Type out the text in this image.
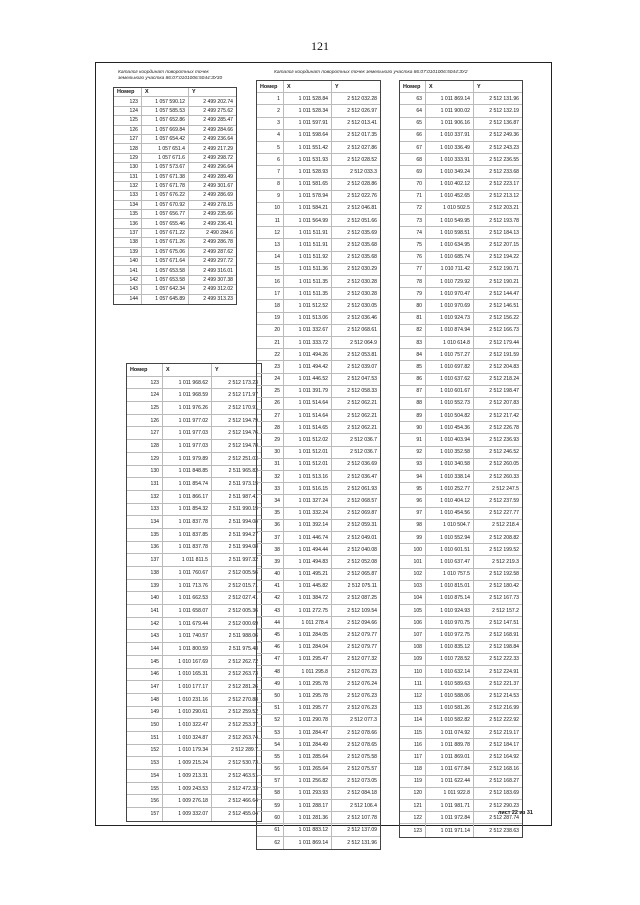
121
Каталог координат поворотных точек
земельного участка 86:07:0101006:5044:ЗУ30
Каталог координат поворотных точек земельного участка 86:07:0101006:5044:ЗУ2
Номер	X	Y
123	1 057 590.12	2 499 202.74
124	1 057 585.53	2 499 275.62
125	1 057 652.86	2 499 285.47
126	1 057 669.84	2 499 284.66
127	1 057 654.42	2 499 236.64
128	1 057 651.4	2 499 217.29
129	1 057 671.6	2 499 298.72
130	1 057 573.67	2 499 296.64
131	1 057 671.38	2 499 289.49
132	1 057 671.78	2 499 301.67
133	1 057 676.22	2 499 286.69
134	1 057 670.92	2 499 278.15
135	1 057 656.77	2 499 235.66
136	1 057 655.46	2 499 236.41
137	1 057 671.22	2 490 284.6
138	1 057 671.26	2 499 286.78
139	1 057 675.06	2 499 287.62
140	1 057 671.64	2 499 297.72
141	1 057 653.58	2 499 316.01
142	1 057 653.58	2 499 307.38
143	1 057 642.34	2 499 312.02
144	1 057 645.89	2 499 313.23
Номер	X	Y
123	1 011 968.62	2 512 173.23
124	1 011 968.59	2 512 171.97
125	1 011 976.26	2 512 170.91
126	1 011 977.02	2 512 194.79
127	1 011 977.03	2 512 194.76
128	1 011 977.03	2 512 194.78
129	1 011 979.89	2 512 251.03
130	1 011 848.85	2 511 965.82
131	1 011 854.74	2 511 973.19
132	1 011 866.17	2 511 987.41
133	1 011 854.32	2 511 990.19
134	1 011 837.78	2 511 994.08
135	1 011 837.85	2 511 994.27
136	1 011 837.78	2 511 994.08
137	1 011 811.5	2 511 997.32
138	1 011 760.67	2 512 005.56
139	1 011 713.76	2 512 015.71
140	1 011 662.53	2 512 027.41
141	1 011 658.07	2 512 005.36
142	1 011 679.44	2 512 000.69
143	1 011 740.57	2 511 988.06
144	1 011 800.59	2 511 975.48
145	1 010 167.69	2 512 262.72
146	1 010 165.31	2 512 263.73
147	1 010 177.17	2 512 281.26
148	1 010 231.16	2 512 270.88
149	1 010 290.61	2 512 259.52
150	1 010 322.47	2 512 253.37
151	1 010 324.87	2 512 263.74
152	1 010 179.34	2 512 289.7
153	1 009 215.24	2 512 530.73
154	1 009 213.31	2 512 463.51
155	1 009 243.53	2 512 472.33
156	1 009 276.18	2 512 466.64
157	1 009 332.07	2 512 455.04
Номер	X	Y
1	1 011 528.84	2 512 032.28
2	1 011 528.34	2 512 026.97
3	1 011 597.91	2 512 013.41
4	1 011 598.64	2 512 017.35
5	1 011 551.42	2 512 027.86
6	1 011 531.93	2 512 028.52
7	1 011 528.93	2 512 033.3
8	1 011 581.65	2 512 028.86
9	1 011 578.94	2 512 022.76
10	1 011 584.21	2 512 046.81
11	1 011 564.99	2 512 051.66
12	1 011 511.91	2 512 035.69
13	1 011 511.91	2 512 035.68
14	1 011 511.92	2 512 035.68
15	1 011 511.36	2 512 030.29
16	1 011 511.35	2 512 030.28
17	1 011 511.35	2 512 030.28
18	1 011 512.52	2 512 030.05
19	1 011 513.06	2 512 036.46
20	1 011 332.67	2 512 068.61
21	1 011 333.72	2 512 064.9
22	1 011 494.26	2 512 053.81
23	1 011 494.42	2 512 039.07
24	1 011 446.52	2 512 047.53
25	1 011 391.79	2 512 058.33
26	1 011 514.64	2 512 062.21
27	1 011 514.64	2 512 062.21
28	1 011 514.65	2 512 062.21
29	1 011 512.02	2 512 036.7
30	1 011 512.01	2 512 036.7
31	1 011 512.01	2 512 036.69
32	1 011 513.16	2 512 036.47
33	1 011 516.15	2 512 061.93
34	1 011 327.24	2 512 068.57
35	1 011 332.24	2 512 069.87
36	1 011 392.14	2 512 059.31
37	1 011 446.74	2 512 049.01
38	1 011 494.44	2 512 040.08
39	1 011 494.83	2 512 052.08
40	1 011 495.21	2 512 065.87
41	1 011 445.82	2 512 075.11
42	1 011 384.72	2 512 087.25
43	1 011 272.75	2 512 109.54
44	1 011 278.4	2 512 094.66
45	1 011 284.05	2 512 079.77
46	1 011 284.04	2 512 079.77
47	1 011 295.47	2 512 077.32
48	1 011 295.8	2 512 076.23
49	1 011 295.78	2 512 076.24
50	1 011 295.78	2 512 076.23
51	1 011 295.77	2 512 076.23
52	1 011 290.78	2 512 077.3
53	1 011 284.47	2 512 078.66
54	1 011 284.49	2 512 078.65
55	1 011 285.64	2 512 075.58
56	1 011 265.64	2 512 075.57
57	1 011 256.82	2 512 073.05
58	1 011 293.93	2 512 084.18
59	1 011 288.17	2 512 106.4
60	1 011 281.36	2 512 107.78
61	1 011 883.12	2 512 137.09
62	1 011 869.14	2 512 131.96
Номер	X	Y
63	1 011 869.14	2 512 131.96
64	1 011 900.02	2 512 132.19
65	1 011 906.16	2 512 136.87
66	1 010 337.91	2 512 249.36
67	1 010 336.49	2 512 243.23
68	1 010 333.91	2 512 236.55
69	1 010 349.24	2 512 233.68
70	1 010 402.12	2 512 223.17
71	1 010 452.65	2 512 213.12
72	1 010 502.5	2 512 203.21
73	1 010 549.95	2 512 193.78
74	1 010 598.51	2 512 184.13
75	1 010 634.95	2 512 207.15
76	1 010 685.74	2 512 194.22
77	1 010 711.42	2 512 190.71
78	1 010 729.92	2 512 190.21
79	1 010 970.47	2 512 144.47
80	1 010 970.69	2 512 146.51
81	1 010 924.73	2 512 156.22
82	1 010 874.94	2 512 166.73
83	1 010 614.8	2 512 179.44
84	1 010 757.27	2 512 191.59
85	1 010 697.82	2 512 204.83
86	1 010 637.62	2 512 218.24
87	1 010 601.67	2 512 198.47
88	1 010 552.73	2 512 207.83
89	1 010 504.82	2 512 217.42
90	1 010 454.36	2 512 226.78
91	1 010 403.94	2 512 236.93
92	1 010 352.58	2 512 246.52
93	1 010 340.58	2 512 260.05
94	1 010 338.14	2 512 260.33
95	1 010 252.77	2 512 247.5
96	1 010 404.12	2 512 237.59
97	1 010 454.56	2 512 227.77
98	1 010 504.7	2 512 218.4
99	1 010 552.94	2 512 208.82
100	1 010 601.51	2 512 199.52
101	1 010 637.47	2 512 219.3
102	1 010 757.5	2 512 192.58
103	1 010 815.01	2 512 180.42
104	1 010 875.14	2 512 167.73
105	1 010 924.93	2 512 157.2
106	1 010 970.75	2 512 147.51
107	1 010 972.75	2 512 168.91
108	1 010 835.12	2 512 198.84
109	1 010 728.52	2 512 222.33
110	1 010 632.14	2 512 224.91
111	1 010 589.63	2 512 221.37
112	1 010 588.06	2 512 214.53
113	1 010 581.26	2 512 216.99
114	1 010 582.82	2 512 222.92
115	1 011 074.92	2 512 219.17
116	1 011 889.78	2 512 184.17
117	1 011 869.01	2 512 164.92
118	1 011 677.84	2 512 168.16
119	1 011 622.44	2 512 168.27
120	1 011 922.8	2 512 183.69
121	1 011 981.71	2 512 290.23
122	1 011 972.84	2 512 287.74
123	1 011 971.14	2 512 238.63
лист 22 из 31
